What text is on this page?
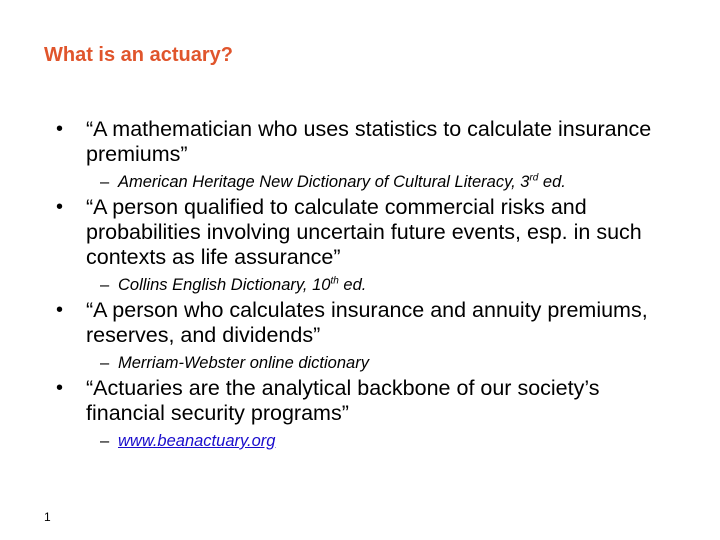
What is an actuary?
• “A mathematician who uses statistics to calculate insurance premiums”
– American Heritage New Dictionary of Cultural Literacy, 3rd ed.
• “A person qualified to calculate commercial risks and probabilities involving uncertain future events, esp. in such contexts as life assurance”
– Collins English Dictionary, 10th ed.
• “A person who calculates insurance and annuity premiums, reserves, and dividends”
– Merriam-Webster online dictionary
• “Actuaries are the analytical backbone of our society’s financial security programs”
– www.beanactuary.org
1
